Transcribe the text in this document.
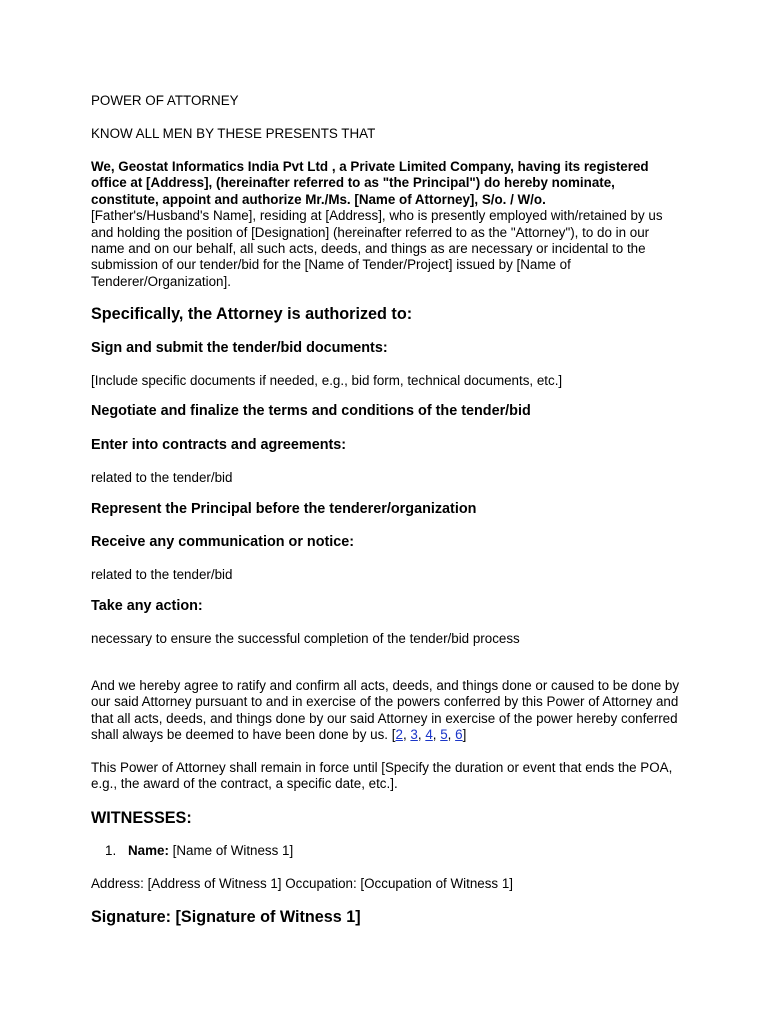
POWER OF ATTORNEY
KNOW ALL MEN BY THESE PRESENTS THAT
We, Geostat Informatics India Pvt Ltd , a Private Limited Company, having its registered
office at [Address], (hereinafter referred to as "the Principal") do hereby nominate,
constitute, appoint and authorize Mr./Ms. [Name of Attorney], S/o. / W/o.
[Father's/Husband's Name], residing at [Address], who is presently employed with/retained by us and holding the position of [Designation] (hereinafter referred to as the "Attorney"), to do in our name and on our behalf, all such acts, deeds, and things as are necessary or incidental to the submission of our tender/bid for the [Name of Tender/Project] issued by [Name of Tenderer/Organization].
Specifically, the Attorney is authorized to:
Sign and submit the tender/bid documents:
[Include specific documents if needed, e.g., bid form, technical documents, etc.]
Negotiate and finalize the terms and conditions of the tender/bid
Enter into contracts and agreements:
related to the tender/bid
Represent the Principal before the tenderer/organization
Receive any communication or notice:
related to the tender/bid
Take any action:
necessary to ensure the successful completion of the tender/bid process
And we hereby agree to ratify and confirm all acts, deeds, and things done or caused to be done by our said Attorney pursuant to and in exercise of the powers conferred by this Power of Attorney and that all acts, deeds, and things done by our said Attorney in exercise of the power hereby conferred shall always be deemed to have been done by us. [2, 3, 4, 5, 6]
This Power of Attorney shall remain in force until [Specify the duration or event that ends the POA, e.g., the award of the contract, a specific date, etc.].
WITNESSES:
1. Name: [Name of Witness 1]
Address: [Address of Witness 1] Occupation: [Occupation of Witness 1]
Signature: [Signature of Witness 1]
